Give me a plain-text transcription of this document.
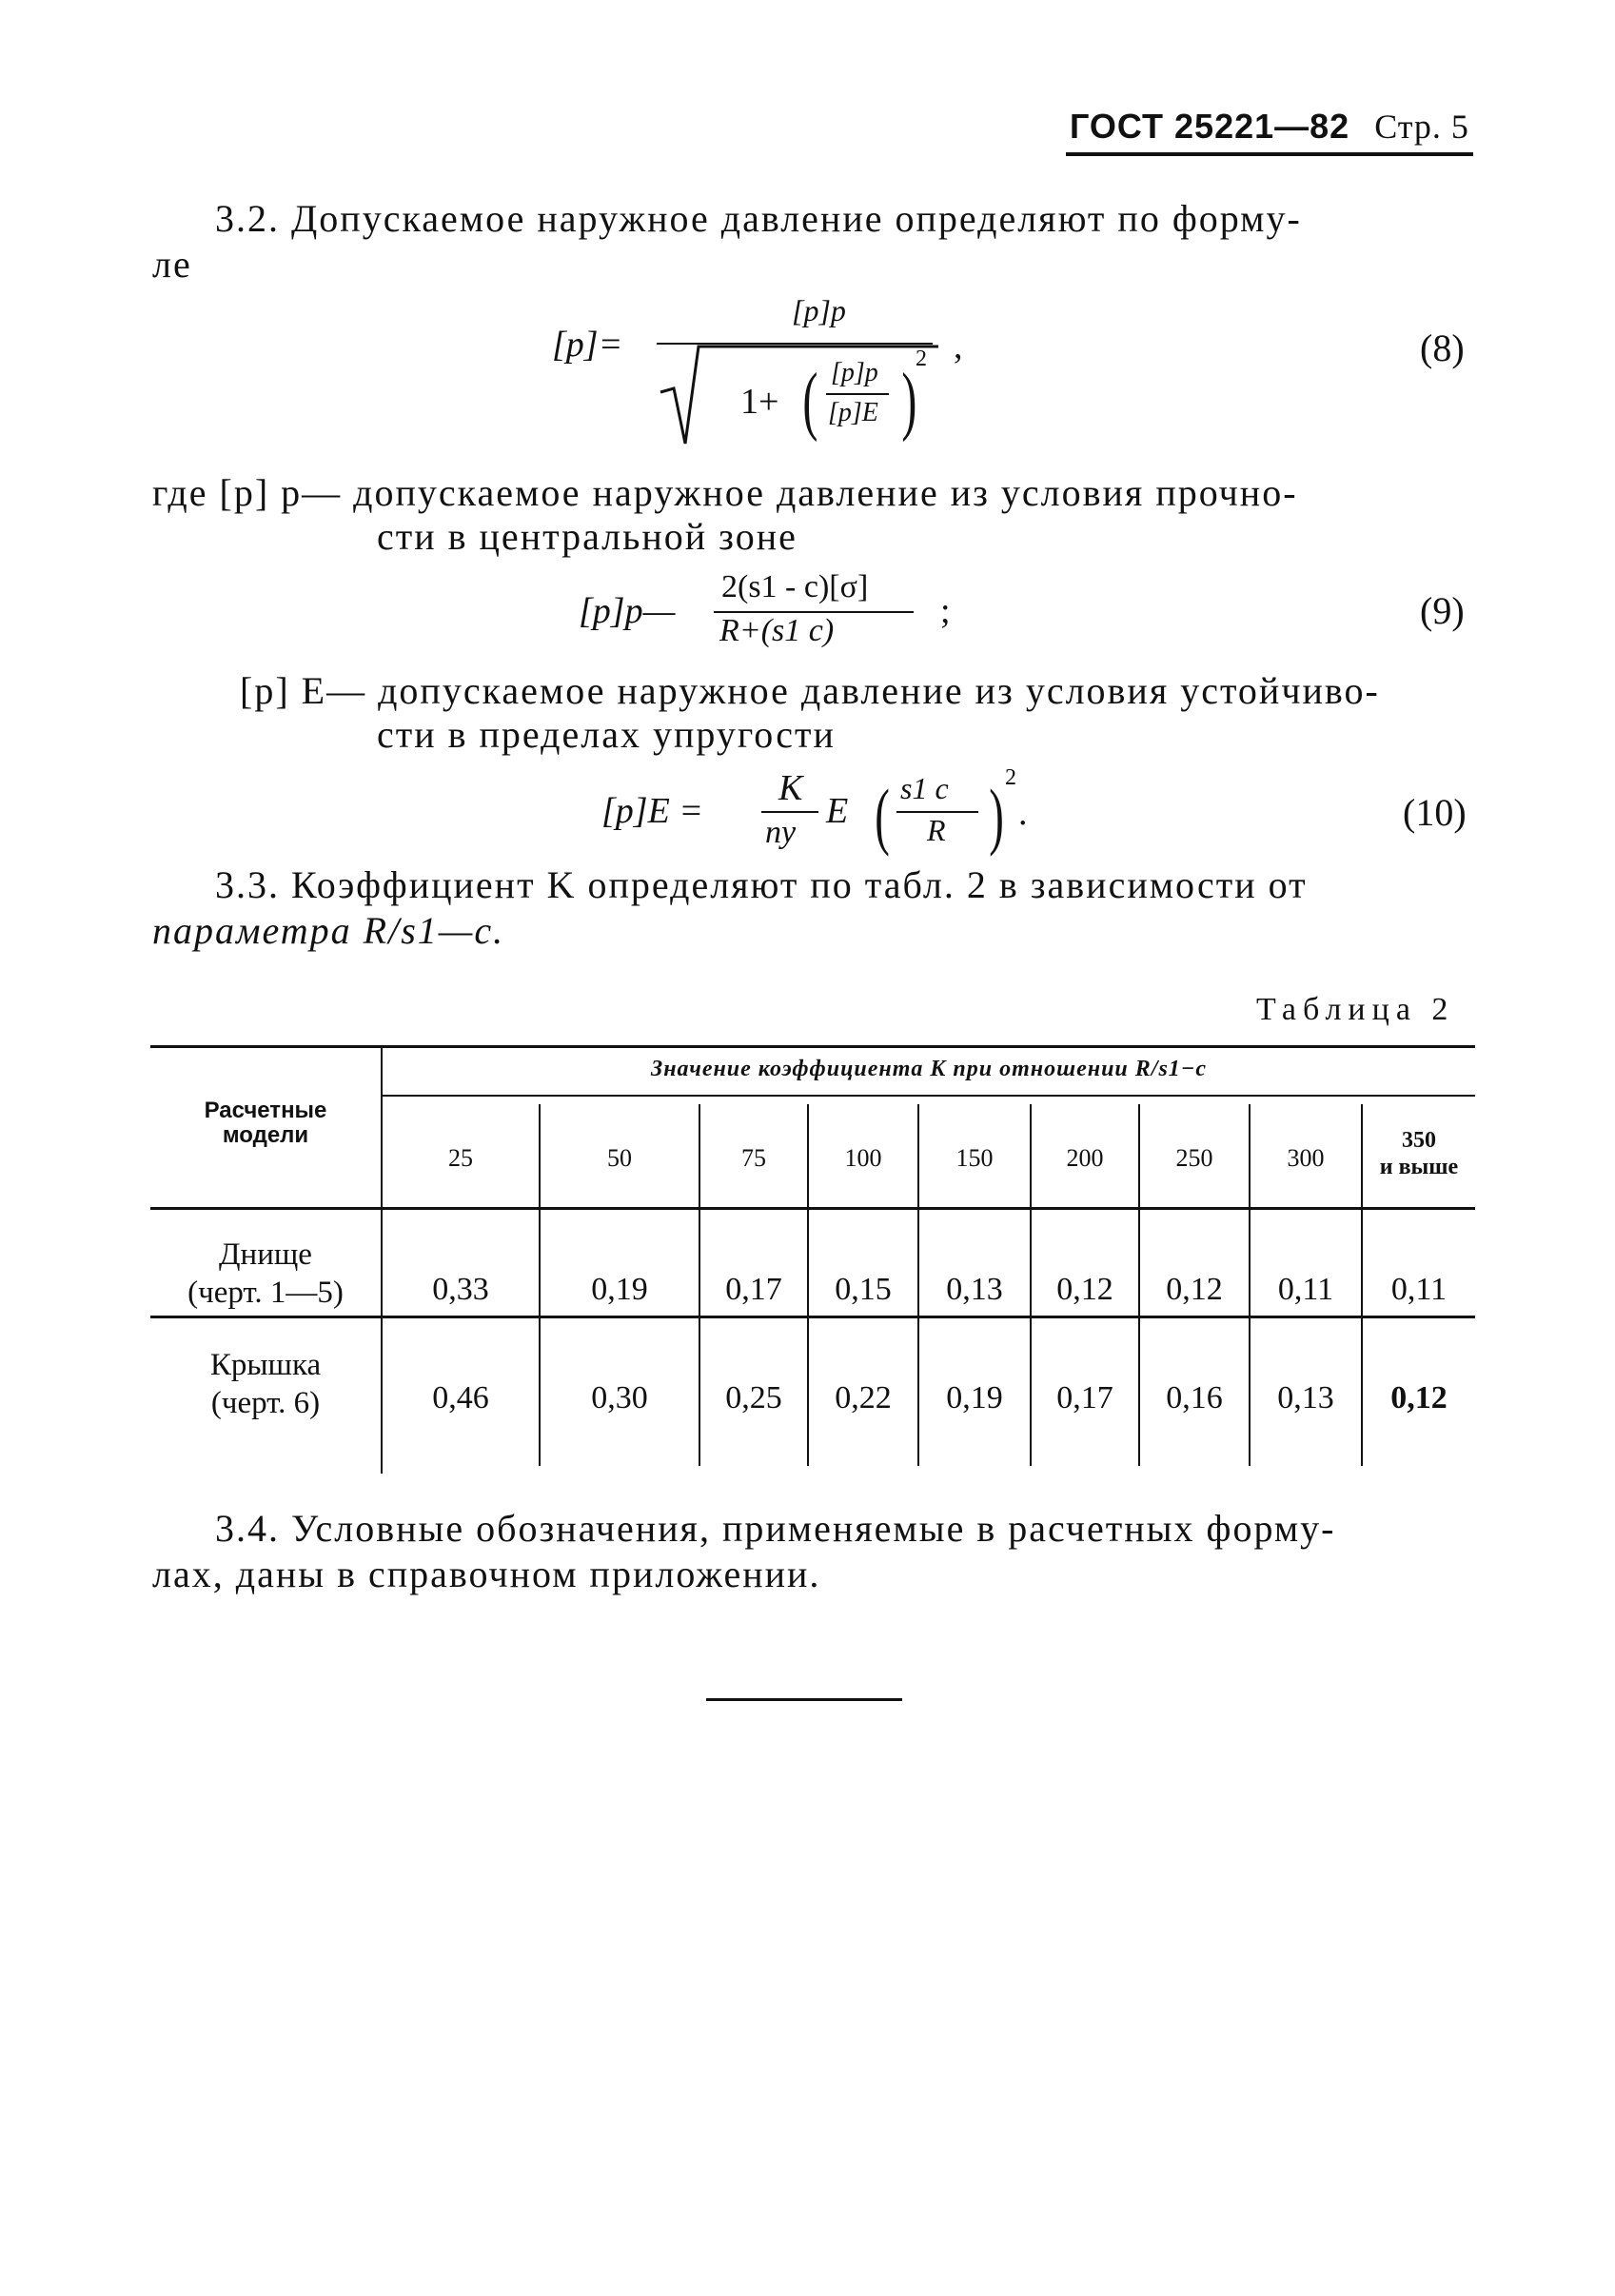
ГОСТ 25221—82 Стр. 5
3.2. Допускаемое наружное давление определяют по форму-
ле
[p]=
[p]p
1+ ( [p]p
[p]E )
2 ,	(8)
где [p] р— допускаемое наружное давление из условия прочно-
сти в центральной зоне
[p]p—
2(s1 - c)[σ]
R+(s1 c)	;	(9)
[p] E— допускаемое наружное давление из условия устойчиво-
сти в пределах упругости
[p]E =
K
ny
E ( s1 c
R ) 2
.	(10)
3.3. Коэффициент K определяют по табл. 2 в зависимости от
параметра R/s1—c.
Таблица 2
Расчетные
модели
Значение коэффициента K при отношении R/s1−c
25	50	75	100	150	200	250	300
350
и выше
Днище
(черт. 1—5)	0,33	0,19	0,17	0,15	0,13	0,12	0,12	0,11	0,11
Крышка
(черт. 6)	0,46	0,30	0,25	0,22	0,19	0,17	0,16	0,13	0,12
3.4. Условные обозначения, применяемые в расчетных форму-
лах, даны в справочном приложении.
